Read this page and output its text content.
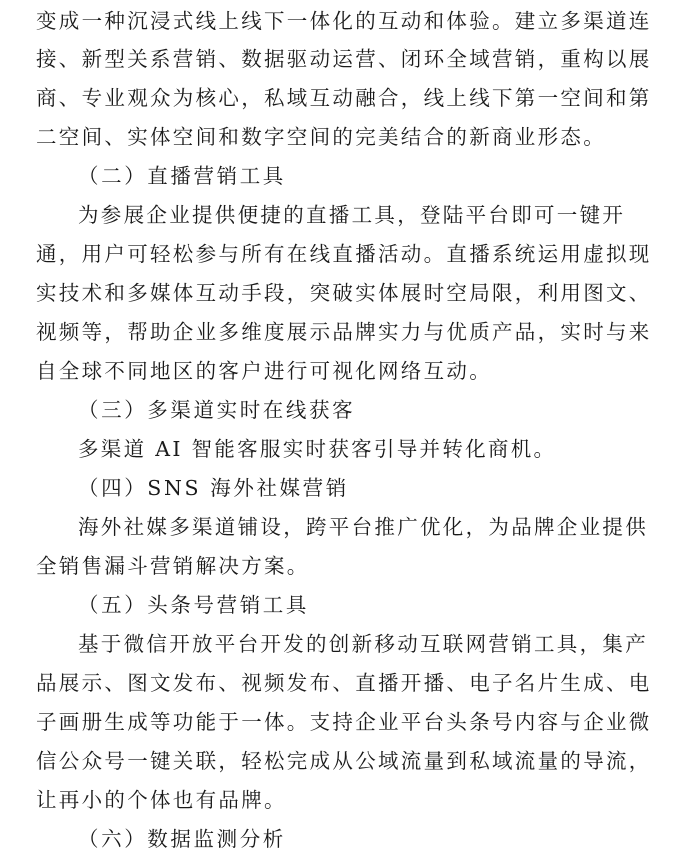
变成一种沉浸式线上线下一体化的互动和体验。建立多渠道连
接、新型关系营销、数据驱动运营、闭环全域营销，重构以展
商、专业观众为核心，私域互动融合，线上线下第一空间和第
二空间、实体空间和数字空间的完美结合的新商业形态。
（二）直播营销工具
为参展企业提供便捷的直播工具，登陆平台即可一键开
通，用户可轻松参与所有在线直播活动。直播系统运用虚拟现
实技术和多媒体互动手段，突破实体展时空局限，利用图文、
视频等，帮助企业多维度展示品牌实力与优质产品，实时与来
自全球不同地区的客户进行可视化网络互动。
（三）多渠道实时在线获客
多渠道 AI 智能客服实时获客引导并转化商机。
（四）SNS 海外社媒营销
海外社媒多渠道铺设，跨平台推广优化，为品牌企业提供
全销售漏斗营销解决方案。
（五）头条号营销工具
基于微信开放平台开发的创新移动互联网营销工具，集产
品展示、图文发布、视频发布、直播开播、电子名片生成、电
子画册生成等功能于一体。支持企业平台头条号内容与企业微
信公众号一键关联，轻松完成从公域流量到私域流量的导流，
让再小的个体也有品牌。
（六）数据监测分析
